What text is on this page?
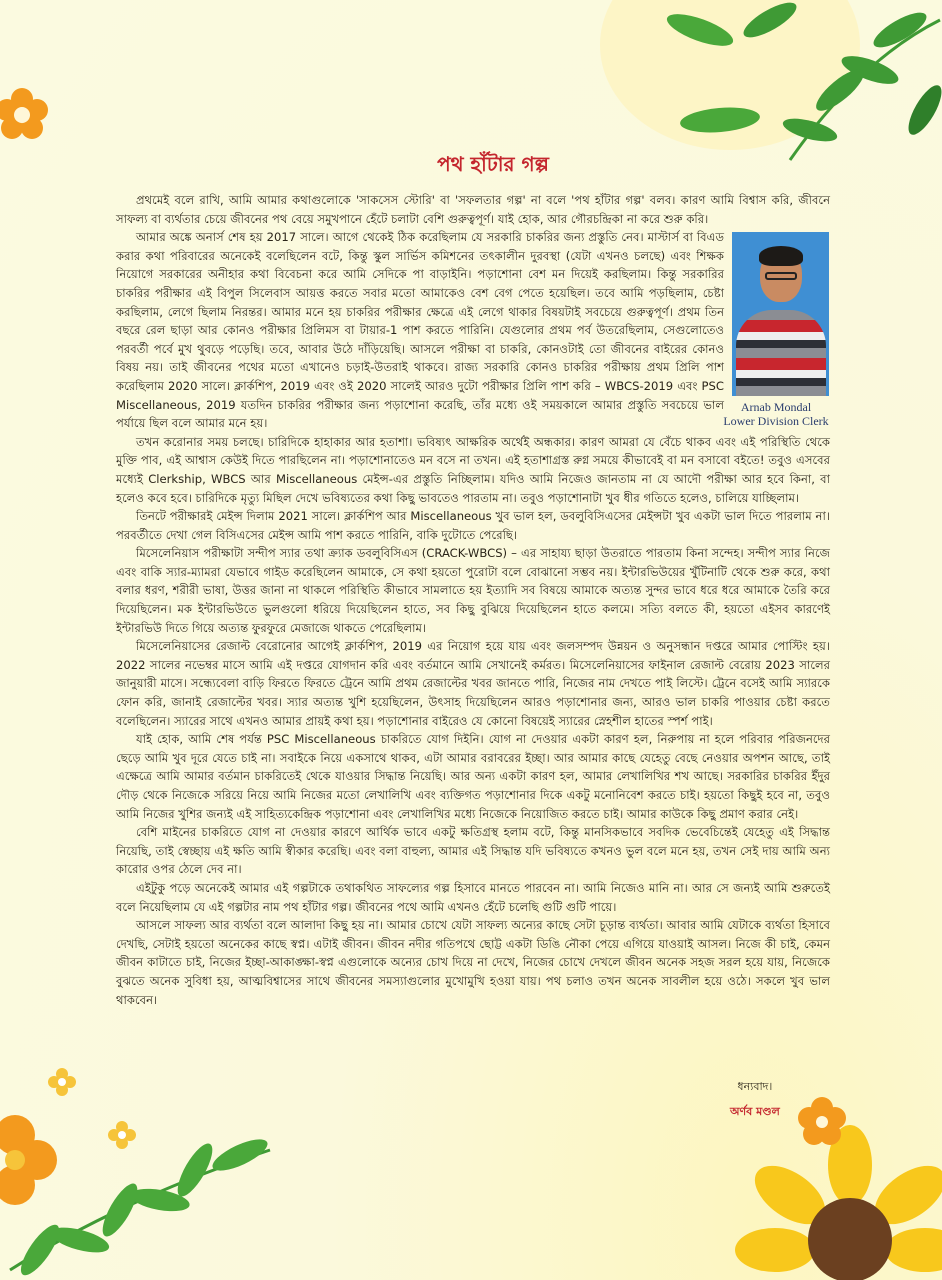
পথ হাঁটার গল্প

প্রথমেই বলে রাখি, আমি আমার কথাগুলোকে 'সাকসেস স্টোরি' বা 'সফলতার গল্প' না বলে 'পথ হাঁটার গল্প' বলব। কারণ আমি বিশ্বাস করি, জীবনে সাফল্য বা ব্যর্থতার চেয়ে জীবনের পথ বেয়ে সমুখপানে হেঁটে চলাটা বেশি গুরুত্বপূর্ণ। যাই হোক, আর গৌরচন্দ্রিকা না করে শুরু করি।

Arnab Mondal
Lower Division Clerk

আমার অঙ্কে অনার্স শেষ হয় 2017 সালে। আগে থেকেই ঠিক করেছিলাম যে সরকারি চাকরির জন্য প্রস্তুতি নেব। মাস্টার্স বা বিএড করার কথা পরিবারের অনেকেই বলেছিলেন বটে, কিন্তু স্কুল সার্ভিস কমিশনের তৎকালীন দুরবস্থা (যেটা এখনও চলছে) এবং শিক্ষক নিয়োগে সরকারের অনীহার কথা বিবেচনা করে আমি সেদিকে পা বাড়াইনি। পড়াশোনা বেশ মন দিয়েই করছিলাম। কিন্তু সরকারির চাকরির পরীক্ষার এই বিপুল সিলেবাস আয়ত্ত করতে সবার মতো আমাকেও বেশ বেগ পেতে হয়েছিল। তবে আমি পড়ছিলাম, চেষ্টা করছিলাম, লেগে ছিলাম নিরন্তর। আমার মনে হয় চাকরির পরীক্ষার ক্ষেত্রে এই লেগে থাকার বিষয়টাই সবচেয়ে গুরুত্বপূর্ণ। প্রথম তিন বছরে রেল ছাড়া আর কোনও পরীক্ষার প্রিলিমস বা টায়ার-1 পাশ করতে পারিনি। যেগুলোর প্রথম পর্ব উতরেছিলাম, সেগুলোতেও পরবর্তী পর্বে মুখ থুবড়ে পড়েছি। তবে, আবার উঠে দাঁড়িয়েছি। আসলে পরীক্ষা বা চাকরি, কোনওটাই তো জীবনের বাইরের কোনও বিষয় নয়। তাই জীবনের পথের মতো এখানেও চড়াই-উতরাই থাকবে। রাজ্য সরকারি কোনও চাকরির পরীক্ষায় প্রথম প্রিলি পাশ করেছিলাম 2020 সালে। ক্লার্কশিপ, 2019 এবং ওই 2020 সালেই আরও দুটো পরীক্ষার প্রিলি পাশ করি – WBCS-2019 এবং PSC Miscellaneous, 2019 যতদিন চাকরির পরীক্ষার জন্য পড়াশোনা করেছি, তাঁর মধ্যে ওই সময়কালে আমার প্রস্তুতি সবচেয়ে ভাল পর্যায়ে ছিল বলে আমার মনে হয়।

তখন করোনার সময় চলছে। চারিদিকে হাহাকার আর হতাশা। ভবিষ্যৎ আক্ষরিক অর্থেই অন্ধকার। কারণ আমরা যে বেঁচে থাকব এবং এই পরিস্থিতি থেকে মুক্তি পাব, এই আশ্বাস কেউই দিতে পারছিলেন না। পড়াশোনাতেও মন বসে না তখন। এই হতাশাগ্রস্ত রুগ্ন সময়ে কীভাবেই বা মন বসাবো বইতে! তবুও এসবের মধ্যেই Clerkship, WBCS আর Miscellaneous মেইন্স-এর প্রস্তুতি নিচ্ছিলাম। যদিও আমি নিজেও জানতাম না যে আদৌ পরীক্ষা আর হবে কিনা, বা হলেও কবে হবে। চারিদিকে মৃত্যু মিছিল দেখে ভবিষ্যতের কথা কিছু ভাবতেও পারতাম না। তবুও পড়াশোনাটা খুব ধীর গতিতে হলেও, চালিয়ে যাচ্ছিলাম।

তিনটে পরীক্ষারই মেইন্স দিলাম 2021 সালে। ক্লার্কশিপ আর Miscellaneous খুব ভাল হল, ডবলুবিসিএসের মেইন্সটা খুব একটা ভাল দিতে পারলাম না। পরবর্তীতে দেখা গেল বিসিএসের মেইন্স আমি পাশ করতে পারিনি, বাকি দুটোতে পেরেছি।

মিসেলেনিয়াস পরীক্ষাটা সন্দীপ স্যার তথা ক্র্যাক ডবলুবিসিএস (CRACK-WBCS) – এর সাহায্য ছাড়া উতরাতে পারতাম কিনা সন্দেহ। সন্দীপ স্যার নিজে এবং বাকি স্যার-ম্যামরা যেভাবে গাইড করেছিলেন আমাকে, সে কথা হয়তো পুরোটা বলে বোঝানো সম্ভব নয়। ইন্টারভিউয়ের খুঁটিনাটি থেকে শুরু করে, কথা বলার ধরণ, শরীরী ভাষা, উত্তর জানা না থাকলে পরিস্থিতি কীভাবে সামলাতে হয় ইত্যাদি সব বিষয়ে আমাকে অত্যন্ত সুন্দর ভাবে ধরে ধরে আমাকে তৈরি করে দিয়েছিলেন। মক ইন্টারভিউতে ভুলগুলো ধরিয়ে দিয়েছিলেন হাতে, সব কিছু বুঝিয়ে দিয়েছিলেন হাতে কলমে। সত্যি বলতে কী, হয়তো এইসব কারণেই ইন্টারভিউ দিতে গিয়ে অত্যন্ত ফুরফুরে মেজাজে থাকতে পেরেছিলাম।

মিসেলেনিয়াসের রেজাল্ট বেরোনোর আগেই ক্লার্কশিপ, 2019 এর নিয়োগ হয়ে যায় এবং জলসম্পদ উন্নয়ন ও অনুসন্ধান দপ্তরে আমার পোস্টিং হয়। 2022 সালের নভেম্বর মাসে আমি এই দপ্তরে যোগদান করি এবং বর্তমানে আমি সেখানেই কর্মরত। মিসেলেনিয়াসের ফাইনাল রেজাল্ট বেরোয় 2023 সালের জানুয়ারী মাসে। সন্ধ্যেবেলা বাড়ি ফিরতে ফিরতে ট্রেনে আমি প্রথম রেজাল্টের খবর জানতে পারি, নিজের নাম দেখতে পাই লিস্টে। ট্রেনে বসেই আমি স্যারকে ফোন করি, জানাই রেজাল্টের খবর। স্যার অত্যন্ত খুশি হয়েছিলেন, উৎসাহ দিয়েছিলেন আরও পড়াশোনার জন্য, আরও ভাল চাকরি পাওয়ার চেষ্টা করতে বলেছিলেন। স্যারের সাথে এখনও আমার প্রায়ই কথা হয়। পড়াশোনার বাইরেও যে কোনো বিষয়েই স্যারের স্নেহশীল হাতের স্পর্শ পাই।

যাই হোক, আমি শেষ পর্যন্ত PSC Miscellaneous চাকরিতে যোগ দিইনি। যোগ না দেওয়ার একটা কারণ হল, নিরুপায় না হলে পরিবার পরিজনদের ছেড়ে আমি খুব দূরে যেতে চাই না। সবাইকে নিয়ে একসাথে থাকব, এটা আমার বরাবরের ইচ্ছা। আর আমার কাছে যেহেতু বেছে নেওয়ার অপশন আছে, তাই এক্ষেত্রে আমি আমার বর্তমান চাকরিতেই থেকে যাওয়ার সিদ্ধান্ত নিয়েছি। আর অন্য একটা কারণ হল, আমার লেখালিখির শখ আছে। সরকারির চাকরির ইঁদুর দৌড় থেকে নিজেকে সরিয়ে নিয়ে আমি নিজের মতো লেখালিখি এবং ব্যক্তিগত পড়াশোনার দিকে একটু মনোনিবেশ করতে চাই। হয়তো কিছুই হবে না, তবুও আমি নিজের খুশির জন্যই এই সাহিত্যকেন্দ্রিক পড়াশোনা এবং লেখালিখির মধ্যে নিজেকে নিয়োজিত করতে চাই। আমার কাউকে কিছু প্রমাণ করার নেই।

বেশি মাইনের চাকরিতে যোগ না দেওয়ার কারণে আর্থিক ভাবে একটু ক্ষতিগ্রস্থ হলাম বটে, কিন্তু মানসিকভাবে সবদিক ভেবেচিন্তেই যেহেতু এই সিদ্ধান্ত নিয়েছি, তাই স্বেচ্ছায় এই ক্ষতি আমি স্বীকার করেছি। এবং বলা বাহুল্য, আমার এই সিদ্ধান্ত যদি ভবিষ্যতে কখনও ভুল বলে মনে হয়, তখন সেই দায় আমি অন্য কারোর ওপর ঠেলে দেব না।

এইটুকু পড়ে অনেকেই আমার এই গল্পটাকে তথাকথিত সাফল্যের গল্প হিসাবে মানতে পারবেন না। আমি নিজেও মানি না। আর সে জন্যই আমি শুরুতেই বলে নিয়েছিলাম যে এই গল্পটার নাম পথ হাঁটার গল্প। জীবনের পথে আমি এখনও হেঁটে চলেছি গুটি গুটি পায়ে।

আসলে সাফল্য আর ব্যর্থতা বলে আলাদা কিছু হয় না। আমার চোখে যেটা সাফল্য অন্যের কাছে সেটা চূড়ান্ত ব্যর্থতা। আবার আমি যেটাকে ব্যর্থতা হিসাবে দেখছি, সেটাই হয়তো অনেকের কাছে স্বপ্ন। এটাই জীবন। জীবন নদীর গতিপথে ছোট্ট একটা ডিঙি নৌকা পেয়ে এগিয়ে যাওয়াই আসল। নিজে কী চাই, কেমন জীবন কাটাতে চাই, নিজের ইচ্ছা-আকাঙ্ক্ষা-স্বপ্ন এগুলোকে অন্যের চোখ দিয়ে না দেখে, নিজের চোখে দেখলে জীবন অনেক সহজ সরল হয়ে যায়, নিজেকে বুঝতে অনেক সুবিধা হয়, আত্মবিশ্বাসের সাথে জীবনের সমস্যাগুলোর মুখোমুখি হওয়া যায়। পথ চলাও তখন অনেক সাবলীল হয়ে ওঠে। সকলে খুব ভাল থাকবেন।

ধন্যবাদ।
অর্ণব মণ্ডল
